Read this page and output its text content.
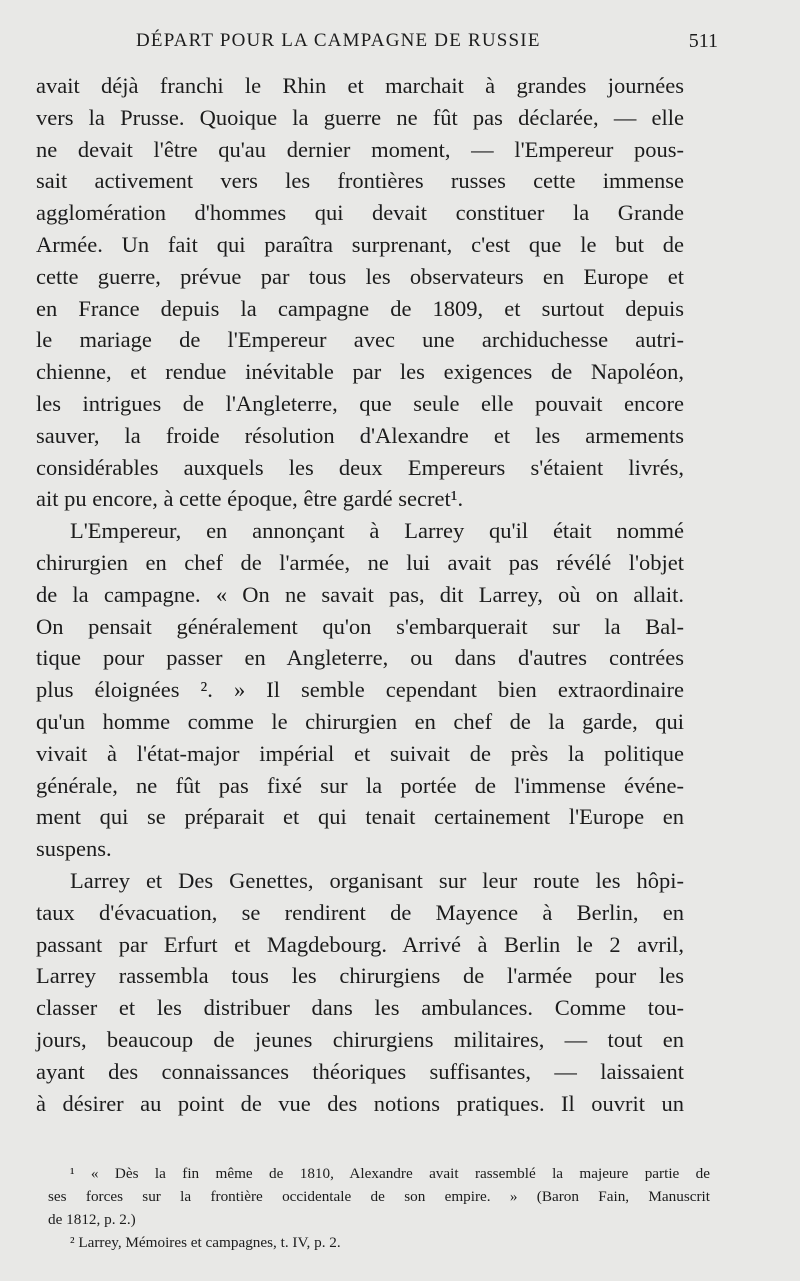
DÉPART POUR LA CAMPAGNE DE RUSSIE	511
avait déjà franchi le Rhin et marchait à grandes journées
vers la Prusse. Quoique la guerre ne fût pas déclarée, — elle
ne devait l'être qu'au dernier moment, — l'Empereur pous-
sait activement vers les frontières russes cette immense
agglomération d'hommes qui devait constituer la Grande
Armée. Un fait qui paraîtra surprenant, c'est que le but de
cette guerre, prévue par tous les observateurs en Europe et
en France depuis la campagne de 1809, et surtout depuis
le mariage de l'Empereur avec une archiduchesse autri-
chienne, et rendue inévitable par les exigences de Napoléon,
les intrigues de l'Angleterre, que seule elle pouvait encore
sauver, la froide résolution d'Alexandre et les armements
considérables auxquels les deux Empereurs s'étaient livrés,
ait pu encore, à cette époque, être gardé secret¹.
L'Empereur, en annonçant à Larrey qu'il était nommé
chirurgien en chef de l'armée, ne lui avait pas révélé l'objet
de la campagne. « On ne savait pas, dit Larrey, où on allait.
On pensait généralement qu'on s'embarquerait sur la Bal-
tique pour passer en Angleterre, ou dans d'autres contrées
plus éloignées ². » Il semble cependant bien extraordinaire
qu'un homme comme le chirurgien en chef de la garde, qui
vivait à l'état-major impérial et suivait de près la politique
générale, ne fût pas fixé sur la portée de l'immense événe-
ment qui se préparait et qui tenait certainement l'Europe en
suspens.
Larrey et Des Genettes, organisant sur leur route les hôpi-
taux d'évacuation, se rendirent de Mayence à Berlin, en
passant par Erfurt et Magdebourg. Arrivé à Berlin le 2 avril,
Larrey rassembla tous les chirurgiens de l'armée pour les
classer et les distribuer dans les ambulances. Comme tou-
jours, beaucoup de jeunes chirurgiens militaires, — tout en
ayant des connaissances théoriques suffisantes, — laissaient
à désirer au point de vue des notions pratiques. Il ouvrit un
¹ « Dès la fin même de 1810, Alexandre avait rassemblé la majeure partie de
ses forces sur la frontière occidentale de son empire. » (Baron Fain, Manuscrit
de 1812, p. 2.)
² Larrey, Mémoires et campagnes, t. IV, p. 2.
